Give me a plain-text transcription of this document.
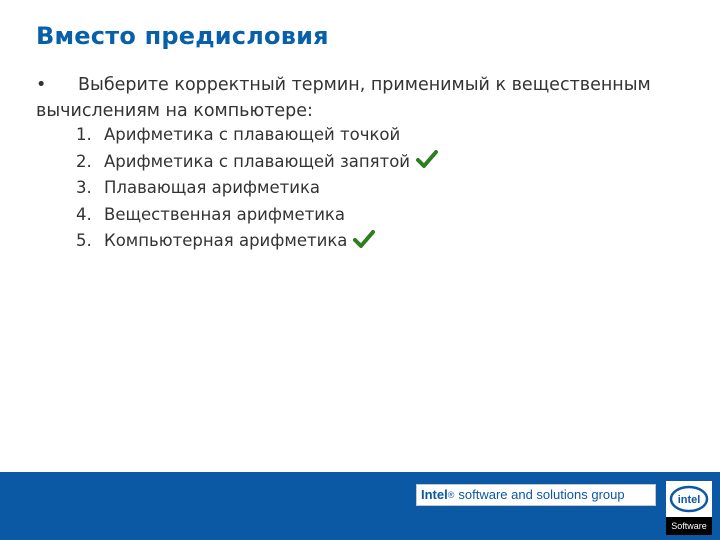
Вместо предисловия
• Выберите корректный термин, применимый к вещественным вычислениям на компьютере:
1. Арифметика с плавающей точкой
2. Арифметика с плавающей запятой
3. Плавающая арифметика
4. Вещественная арифметика
5. Компьютерная арифметика
Intel® software and solutions group	intel
Software
